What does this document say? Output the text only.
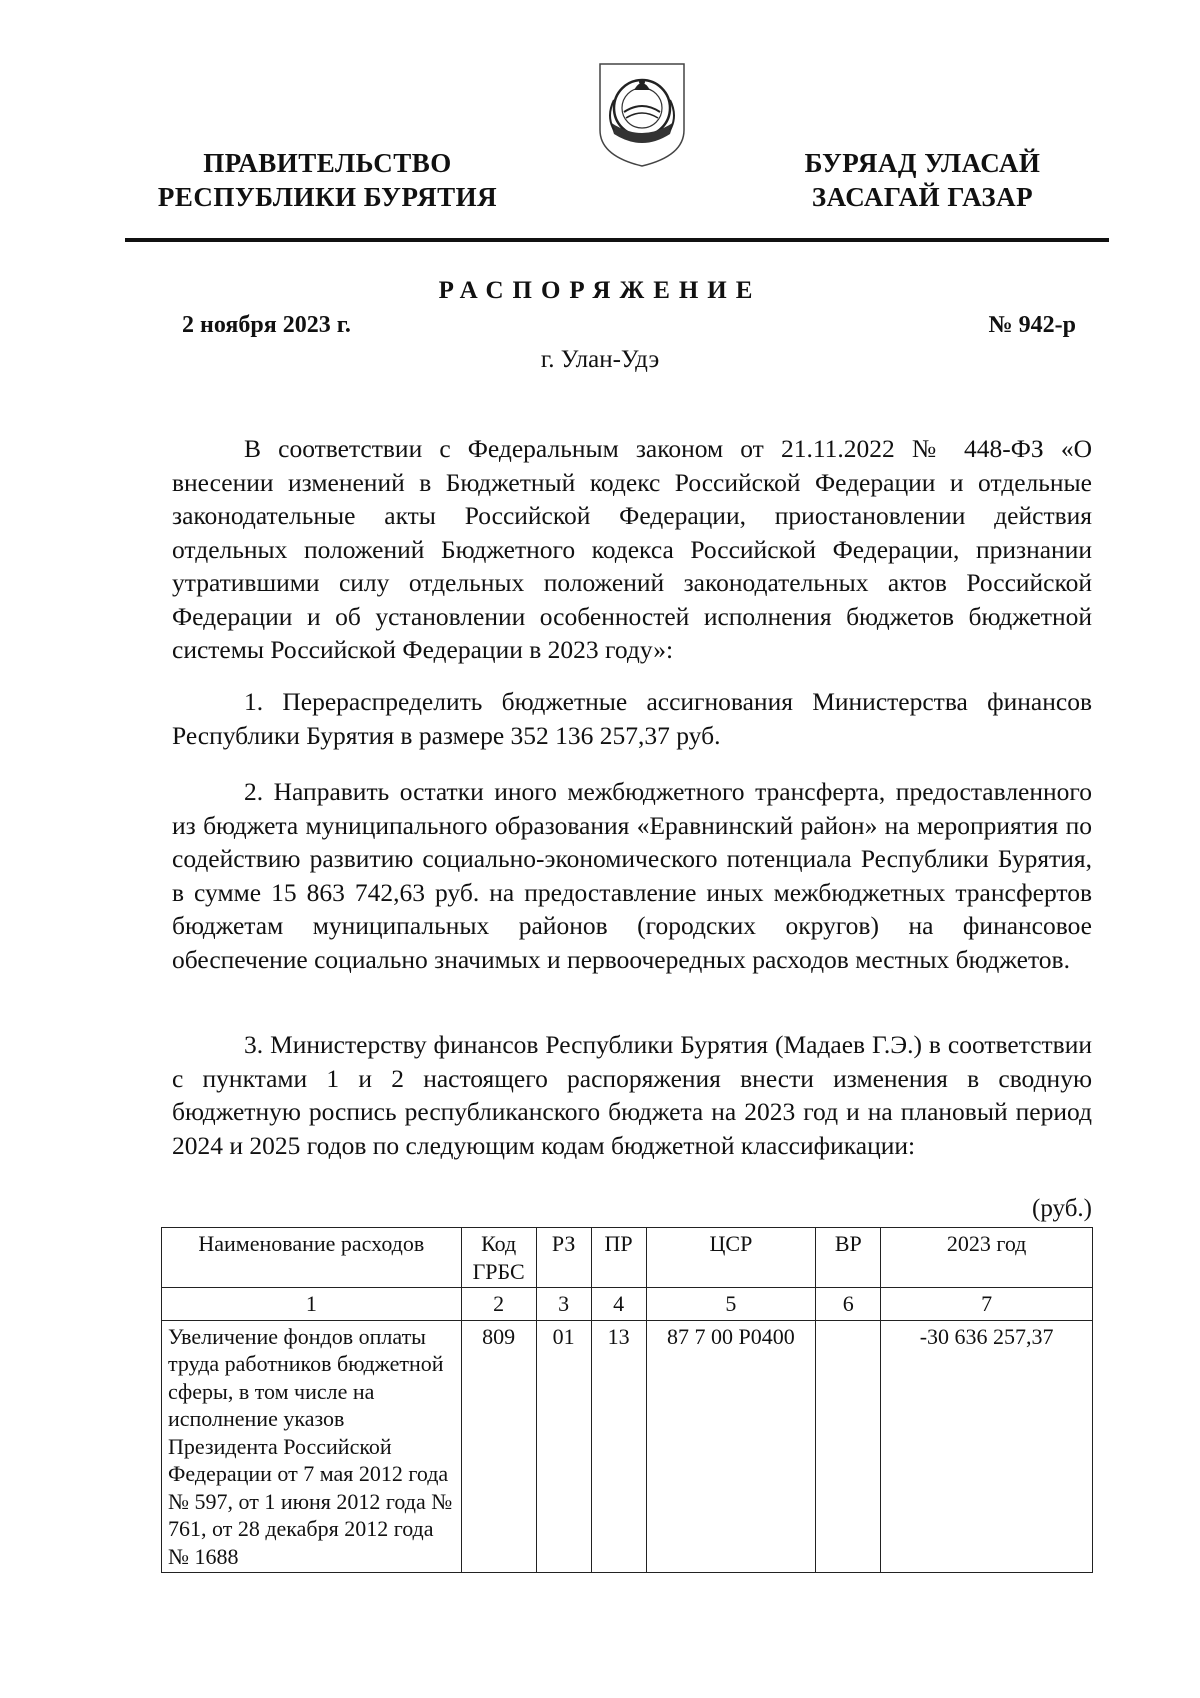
ПРАВИТЕЛЬСТВО
РЕСПУБЛИКИ БУРЯТИЯ
БУРЯАД УЛАСАЙ
ЗАСАГАЙ ГАЗАР
РАСПОРЯЖЕНИЕ
2 ноября 2023 г.	№ 942-р
г. Улан-Удэ

В соответствии с Федеральным законом от 21.11.2022 № 448-ФЗ «О внесении изменений в Бюджетный кодекс Российской Федерации и отдельные законодательные акты Российской Федерации, приостановлении действия отдельных положений Бюджетного кодекса Российской Федерации, признании утратившими силу отдельных положений законодательных актов Российской Федерации и об установлении особенностей исполнения бюджетов бюджетной системы Российской Федерации в 2023 году»:

1. Перераспределить бюджетные ассигнования Министерства финансов Республики Бурятия в размере 352 136 257,37 руб.

2. Направить остатки иного межбюджетного трансферта, предоставленного из бюджета муниципального образования «Еравнинский район» на мероприятия по содействию развитию социально-экономического потенциала Республики Бурятия, в сумме 15 863 742,63 руб. на предоставление иных межбюджетных трансфертов бюджетам муниципальных районов (городских округов) на финансовое обеспечение социально значимых и первоочередных расходов местных бюджетов.

3. Министерству финансов Республики Бурятия (Мадаев Г.Э.) в соответствии с пунктами 1 и 2 настоящего распоряжения внести изменения в сводную бюджетную роспись республиканского бюджета на 2023 год и на плановый период 2024 и 2025 годов по следующим кодам бюджетной классификации:

(руб.)
Наименование расходов	Код ГРБС	РЗ	ПР	ЦСР	ВР	2023 год
1	2	3	4	5	6	7
Увеличение фондов оплаты труда работников бюджетной сферы, в том числе на исполнение указов Президента Российской Федерации от 7 мая 2012 года № 597, от 1 июня 2012 года № 761, от 28 декабря 2012 года № 1688	809	01	13	87 7 00 Р0400		-30 636 257,37
